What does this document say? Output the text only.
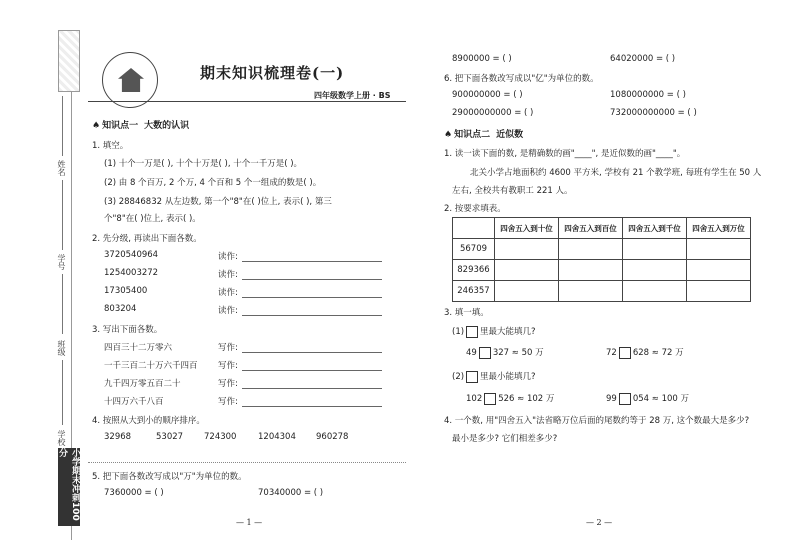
姓名
学号
班级
学校
小学期末冲刺100分
期末知识梳理卷(一)
四年级数学上册 · BS
♠ 知识点一 大数的认识
1. 填空。
(1) 十个一万是( ), 十个十万是( ), 十个一千万是( )。
(2) 由 8 个百万, 2 个万, 4 个百和 5 个一组成的数是( )。
(3) 28846832 从左边数, 第一个"8"在( )位上, 表示( ), 第三
个"8"在( )位上, 表示( )。
2. 先分级, 再读出下面各数。
3720540964	读作:
1254003272	读作:
17305400	读作:
803204	读作:
3. 写出下面各数。
四百三十二万零六	写作:
一千三百二十万六千四百 写作:
九千四万零五百二十	写作:
十四万六千八百	写作:
4. 按照从大到小的顺序排序。
32968	53027 724300	1204304 960278
5. 把下面各数改写成以"万"为单位的数。
7360000 = ( )	70340000 = ( )
— 1 —
8900000 = ( )	64020000 = ( )
6. 把下面各数改写成以"亿"为单位的数。
900000000 = ( )	1080000000 = ( )
29000000000 = ( )	732000000000 = ( )
♠ 知识点二 近似数
1. 读一读下面的数, 是精确数的画"____", 是近似数的画"____"。
北关小学占地面积约 4600 平方米, 学校有 21 个教学班, 每班有学生在 50 人
左右, 全校共有教职工 221 人。
2. 按要求填表。
	四舍五入到十位	四舍五入到百位	四舍五入到千位	四舍五入到万位
56709				
829366				
246357				
3. 填一填。
(1) 里最大能填几?
49 327 ≈ 50 万	72 628 ≈ 72 万
(2) 里最小能填几?
102 526 ≈ 102 万	99 054 ≈ 100 万
4. 一个数, 用"四舍五入"法省略万位后面的尾数约等于 28 万, 这个数最大是多少?
最小是多少? 它们相差多少?
— 2 —
